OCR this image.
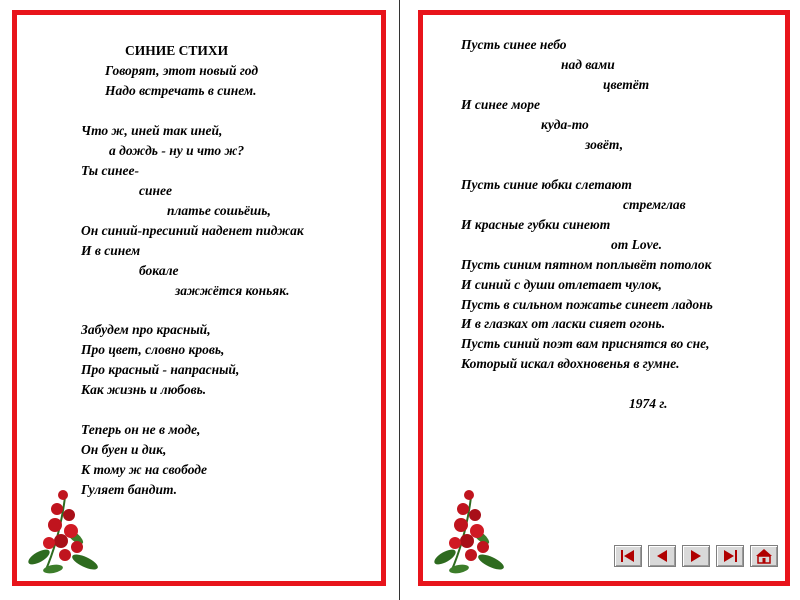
СИНИЕ СТИХИ
Говорят, этот новый год
Надо встречать в синем.
Что ж, иней так иней,
а дождь - ну и что ж?
Ты синее-
синее
платье сошьёшь,
Он синий-пресиний наденет пиджак
И в синем
бокале
зажжётся коньяк.
Забудем про красный,
Про цвет, словно кровь,
Про красный - напрасный,
Как жизнь и любовь.
Теперь он не в моде,
Он буен и дик,
К тому ж на свободе
Гуляет бандит.
Пусть синее небо
над вами
цветёт
И синее море
куда-то
зовёт,
Пусть синие юбки слетают
стремглав
И красные губки синеют
от Love.
Пусть синим пятном поплывёт потолок
И синий с души отлетает чулок,
Пусть в сильном пожатье синеет ладонь
И в глазках от ласки сияет огонь.
Пусть синий поэт вам приснятся во сне,
Который искал вдохновенья в гумне.
1974 г.
